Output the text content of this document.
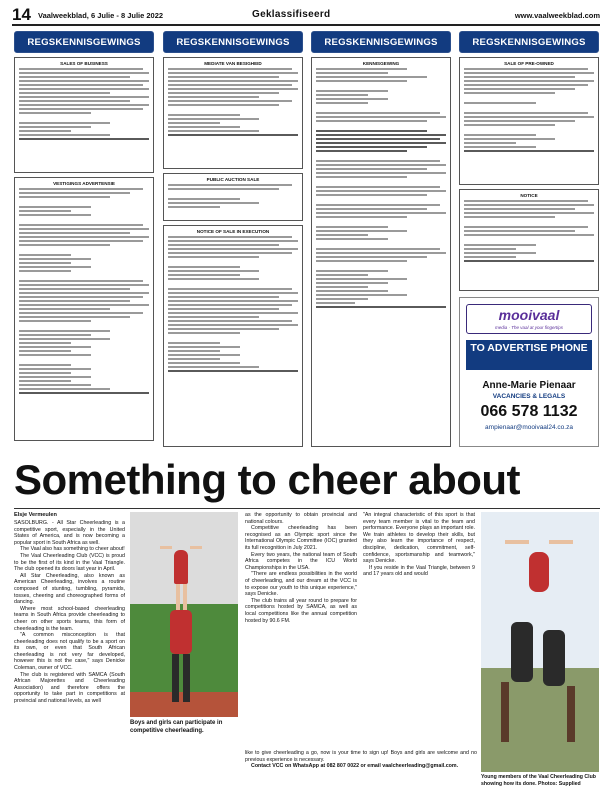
14 Vaalweekblad, 6 Julie - 8 Julie 2022	Geklassifiseerd	www.vaalweekblad.com
REGSKENNISGEWINGS
SALES OF BUSINESS
VESTIGINGS ADVERTENSIE
REGSKENNISGEWINGS
MEDIATE VAN BESIGHEID
PUBLIC AUCTION SALE
NOTICE OF SALE IN EXECUTION
REGSKENNISGEWINGS
KENNISGEWING
REGSKENNISGEWINGS
SALE OF PRE-OWNED
NOTICE
mooivaal
media · The vaal at your fingertips
TO ADVERTISE PHONE
Anne-Marie Pienaar
VACANCIES & LEGALS
066 578 1132
ampienaar@mooivaal24.co.za
Something to cheer about
Elsje Vermeulen

SASOLBURG. - All Star Cheerleading is a competitive sport, especially in the United States of America, and is now becoming a popular sport in South Africa as well.

The Vaal also has something to cheer about!

The Vaal Cheerleading Club (VCC) is proud to be the first of its kind in the Vaal Triangle. The club opened its doors last year in April.

All Star Cheerleading, also known as American Cheerleading, involves a routine composed of stunting, tumbling, pyramids, tosses, cheering and choreographed forms of dancing.

Where most school-based cheerleading teams in South Africa provide cheerleading to cheer on other sports teams, this form of cheerleading is the team.

"A common misconception is that cheerleading does not qualify to be a sport on its own, or even that South African cheerleading is not very far developed, however this is not the case," says Denicke Coleman, owner of VCC.

The club is registered with SAMCA (South African Majorettes and Cheerleading Association) and therefore offers the opportunity to take part in competitions at provincial and national levels, as well

Boys and girls can participate in competitive cheerleading.

as the opportunity to obtain provincial and national colours.

Competitive cheerleading has been recognised as an Olympic sport since the International Olympic Committee (IOC) granted its full recognition in July 2021.

Every two years, the national team of South Africa competes in the ICU World Championships in the USA.

"There are endless possibilities in the world of cheerleading, and our dream at the VCC is to expose our youth to this unique experience," says Denicke.

The club trains all year round to prepare for competitions hosted by SAMCA, as well as local competitions like the annual competition hosted by 90.6 FM.

"An integral characteristic of this sport is that every team member is vital to the team and performance. Everyone plays an important role. We train athletes to develop their skills, but they also learn the importance of respect, discipline, dedication, commitment, self-confidence, sportsmanship and teamwork," says Denicke.

If you reside in the Vaal Triangle, between 9 and 17 years old and would

like to give cheerleading a go, now is your time to sign up! Boys and girls are welcome and no previous experience is necessary.

Contact VCC on WhatsApp at 082 807 0022 or email vaalcheerleading@gmail.com.

Young members of the Vaal Cheerleading Club showing how its done. Photos: Supplied
